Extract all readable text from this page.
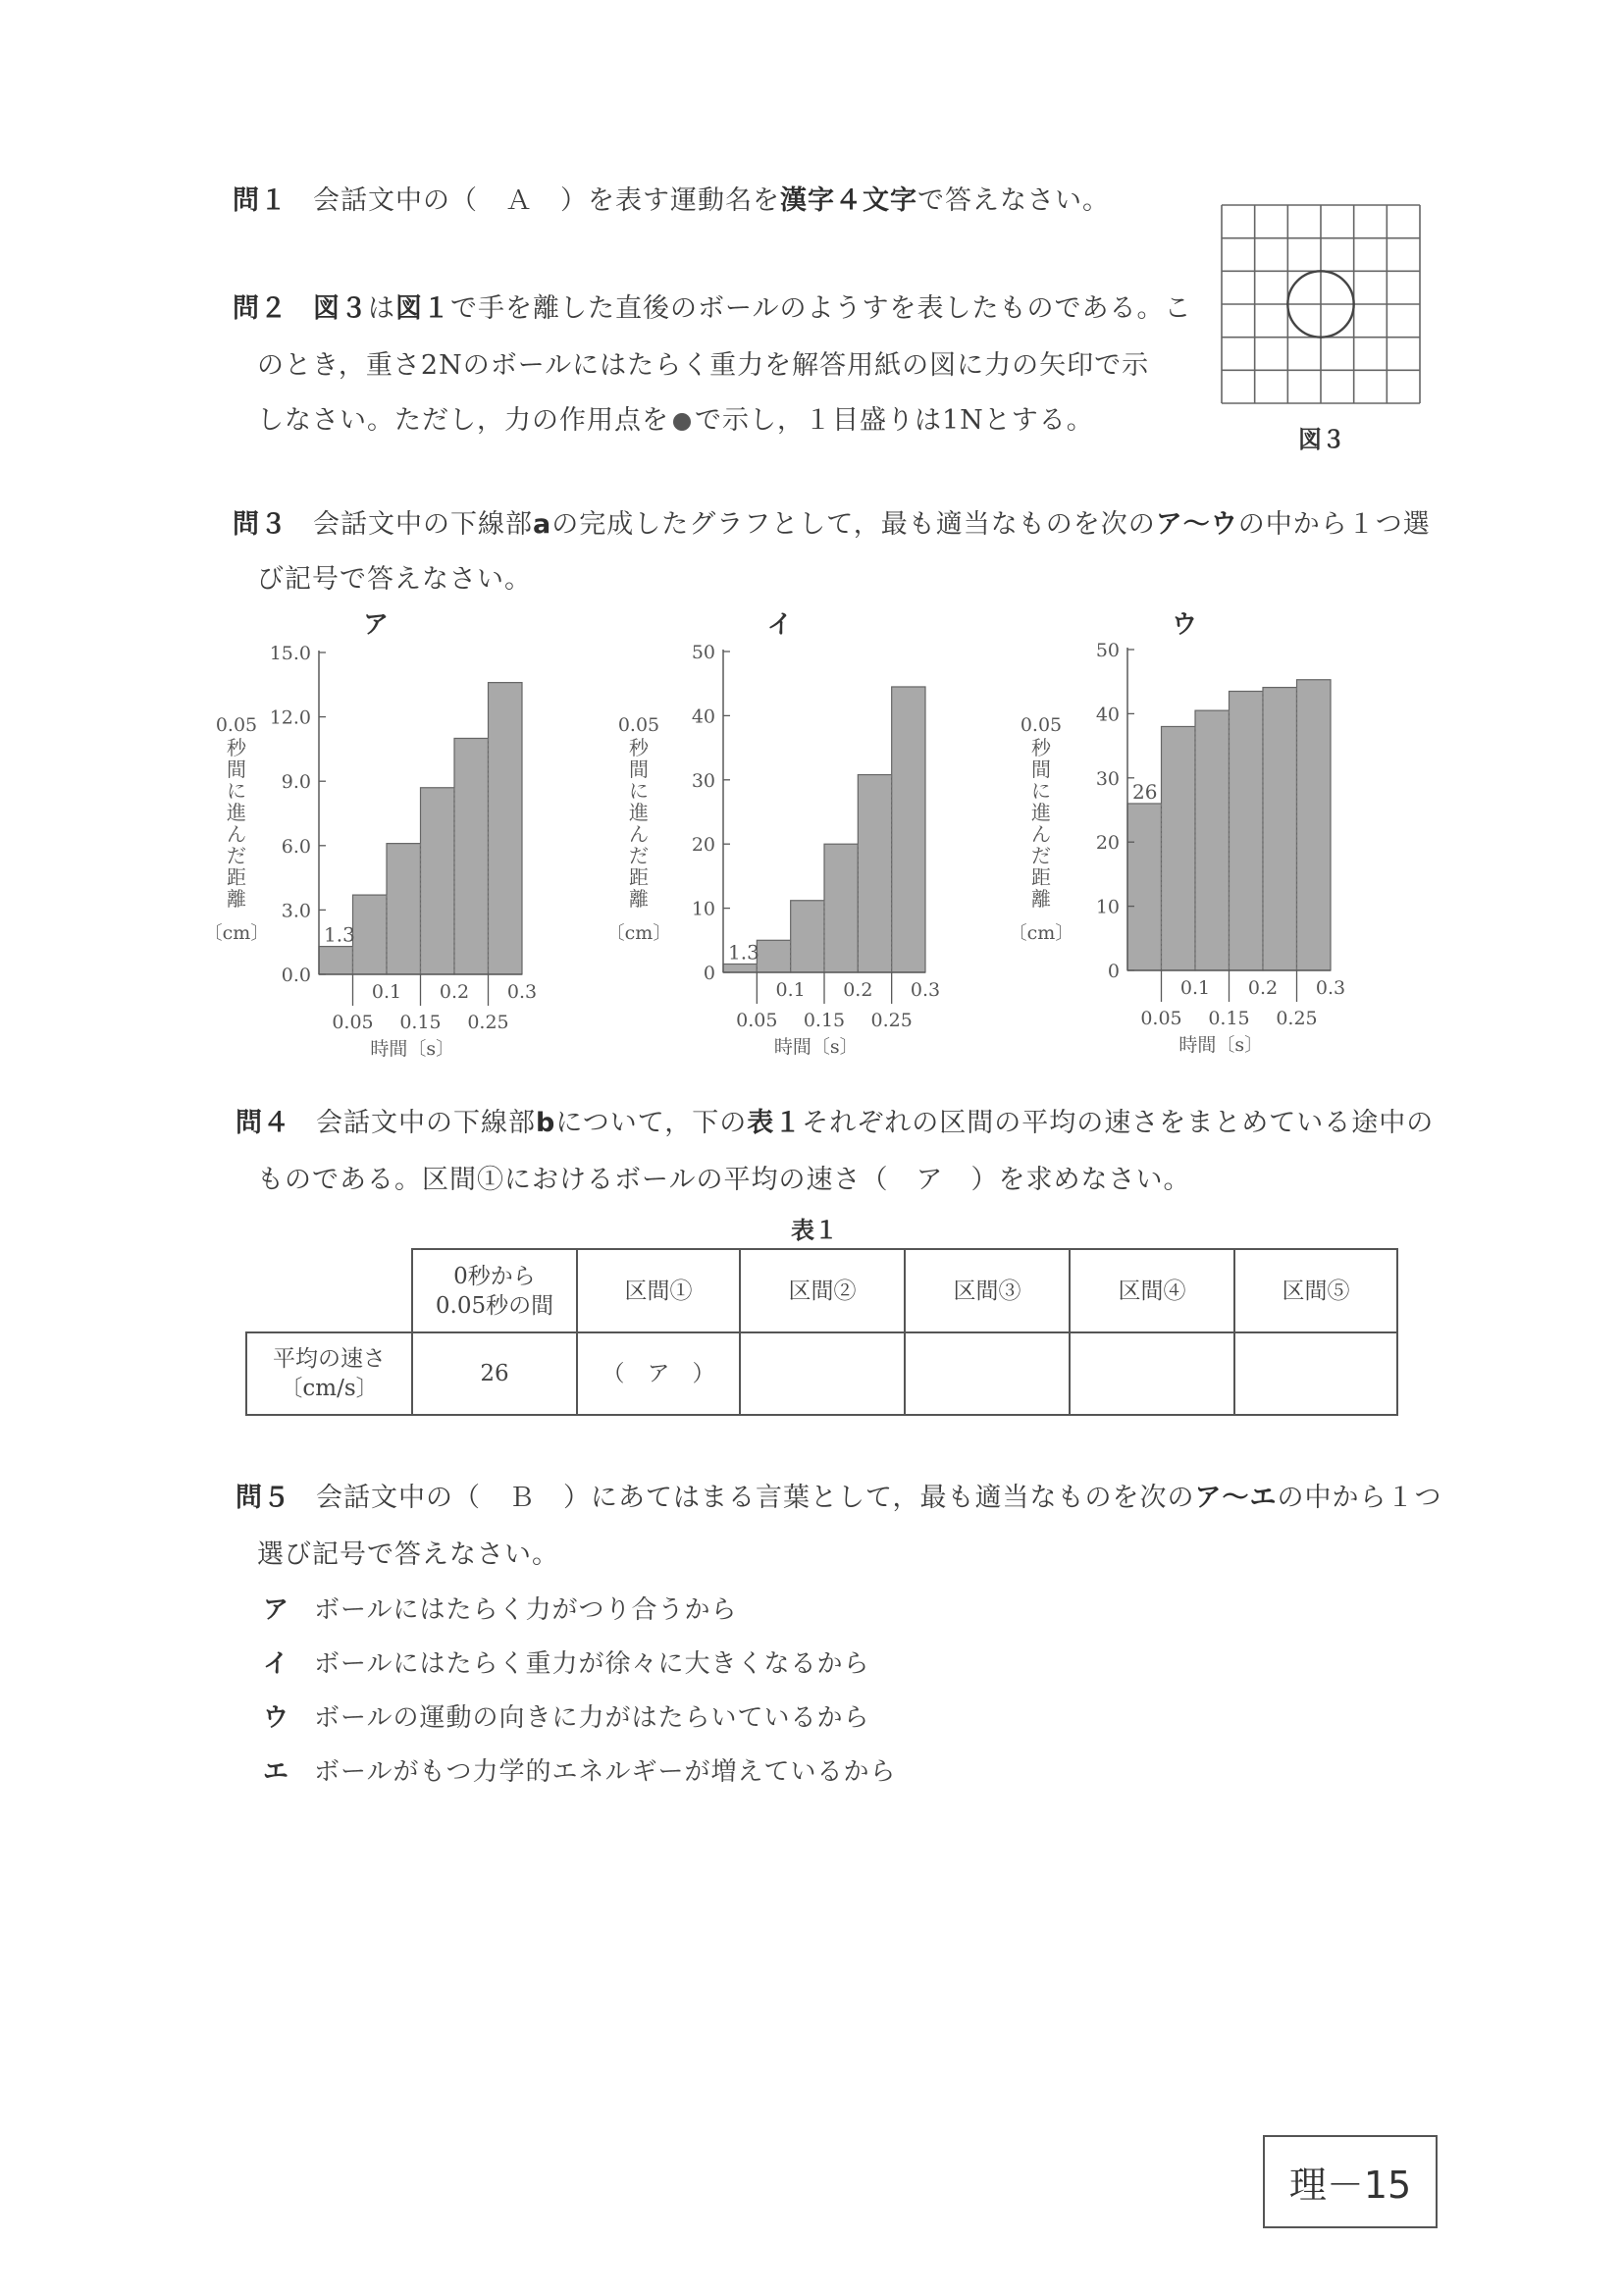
問１ 会話文中の（　Ａ　）を表す運動名を漢字４文字で答えなさい。
問２ 図３は図１で手を離した直後のボールのようすを表したものである。こ
のとき，重さ2Nのボールにはたらく重力を解答用紙の図に力の矢印で示
しなさい。ただし，力の作用点を で示し，１目盛りは1Nとする。
図３
問３ 会話文中の下線部aの完成したグラフとして，最も適当なものを次のア〜ウの中から１つ選
び記号で答えなさい。
ア
1.3
0.0
3.0
6.0
9.0
12.0
15.0
0.1 0.2 0.3
0.05 0.15 0.25
時間〔s〕
0.05
秒
間
に
進
ん
だ
距
離
〔cm〕
イ
1.3
0
10
20
30
40
50
0.1 0.2 0.3
0.05 0.15 0.25
時間〔s〕
0.05
秒
間
に
進
ん
だ
距
離
〔cm〕
ウ
26
0
10
20
30
40
50
0.1 0.2 0.3
0.05 0.15 0.25
時間〔s〕
0.05
秒
間
に
進
ん
だ
距
離
〔cm〕
問４ 会話文中の下線部bについて，下の表１それぞれの区間の平均の速さをまとめている途中の
ものである。区間①におけるボールの平均の速さ（　ア　）を求めなさい。
表１

	0秒から
0.05秒の間	区間①	区間②	区間③	区間④	区間⑤

平均の速さ
〔cm/s〕	26	（　ア　）				
問５ 会話文中の（　Ｂ　）にあてはまる言葉として，最も適当なものを次のア〜エの中から１つ
選び記号で答えなさい。
ア ボールにはたらく力がつり合うから
イ ボールにはたらく重力が徐々に大きくなるから
ウ ボールの運動の向きに力がはたらいているから
エ ボールがもつ力学的エネルギーが増えているから
理－15
